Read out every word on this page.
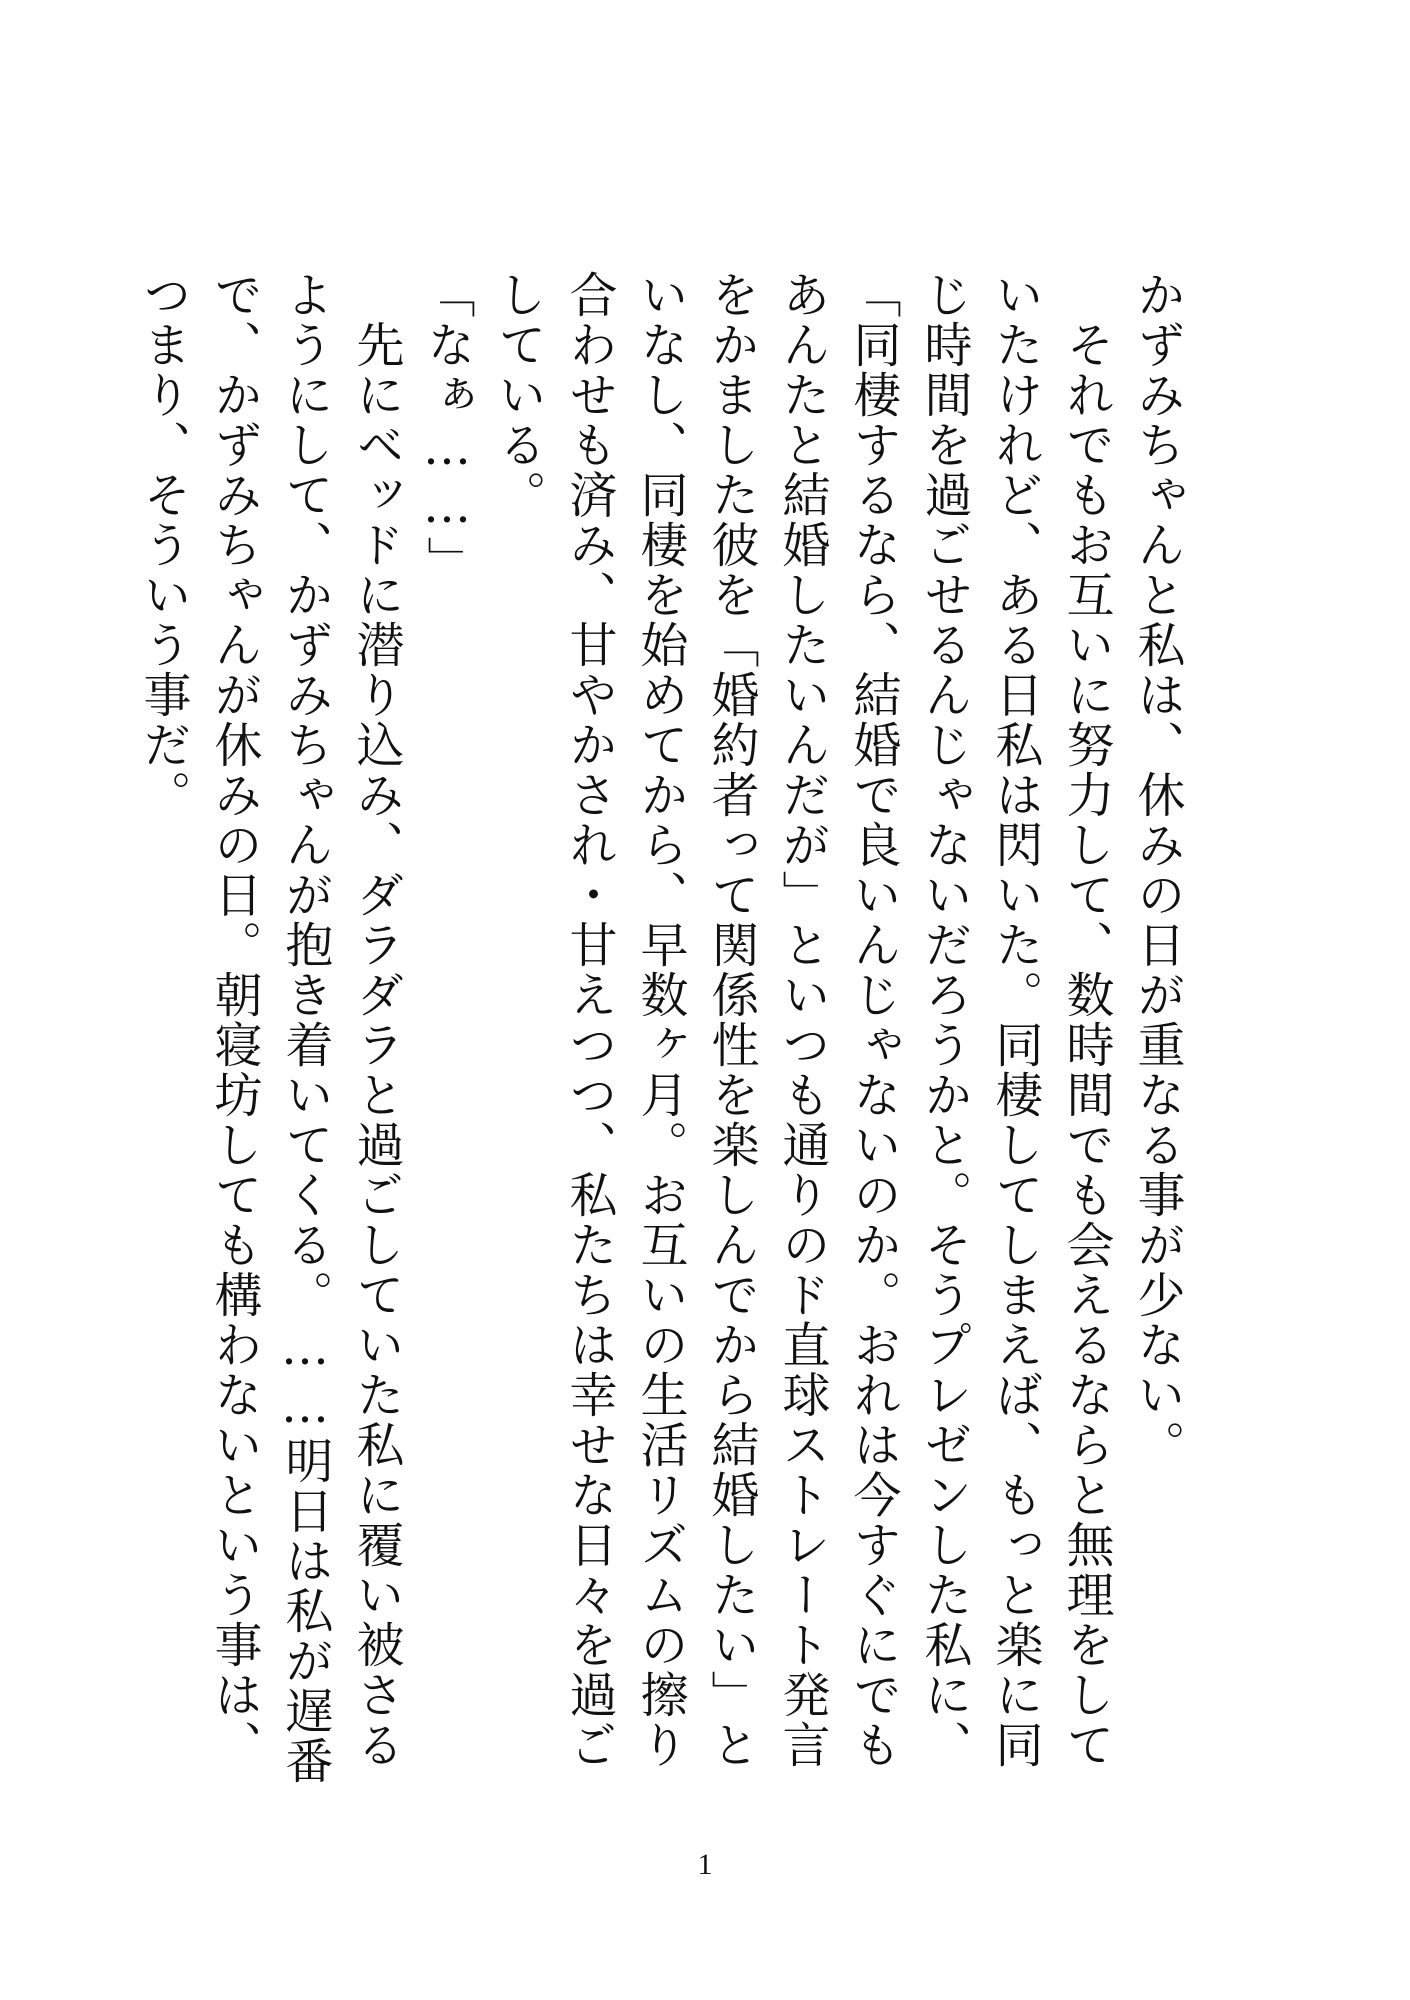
かずみちゃんと私は、休みの日が重なる事が少ない。

　それでもお互いに努力して、数時間でも会えるならと無理をしていたけれど、ある日私は閃いた。同棲してしまえば、もっと楽に同じ時間を過ごせるんじゃないだろうかと。そうプレゼンした私に、「同棲するなら、結婚で良いんじゃないのか。おれは今すぐにでもあんたと結婚したいんだが」といつも通りのド直球ストレート発言をかました彼を「婚約者って関係性を楽しんでから結婚したい」といなし、同棲を始めてから、早数ヶ月。お互いの生活リズムの擦り合わせも済み、甘やかされ・甘えつつ、私たちは幸せな日々を過ごしている。

「なぁ……」

　先にベッドに潜り込み、ダラダラと過ごしていた私に覆い被さるようにして、かずみちゃんが抱き着いてくる。……明日は私が遅番で、かずみちゃんが休みの日。朝寝坊しても構わないという事は、つまり、そういう事だ。

1
